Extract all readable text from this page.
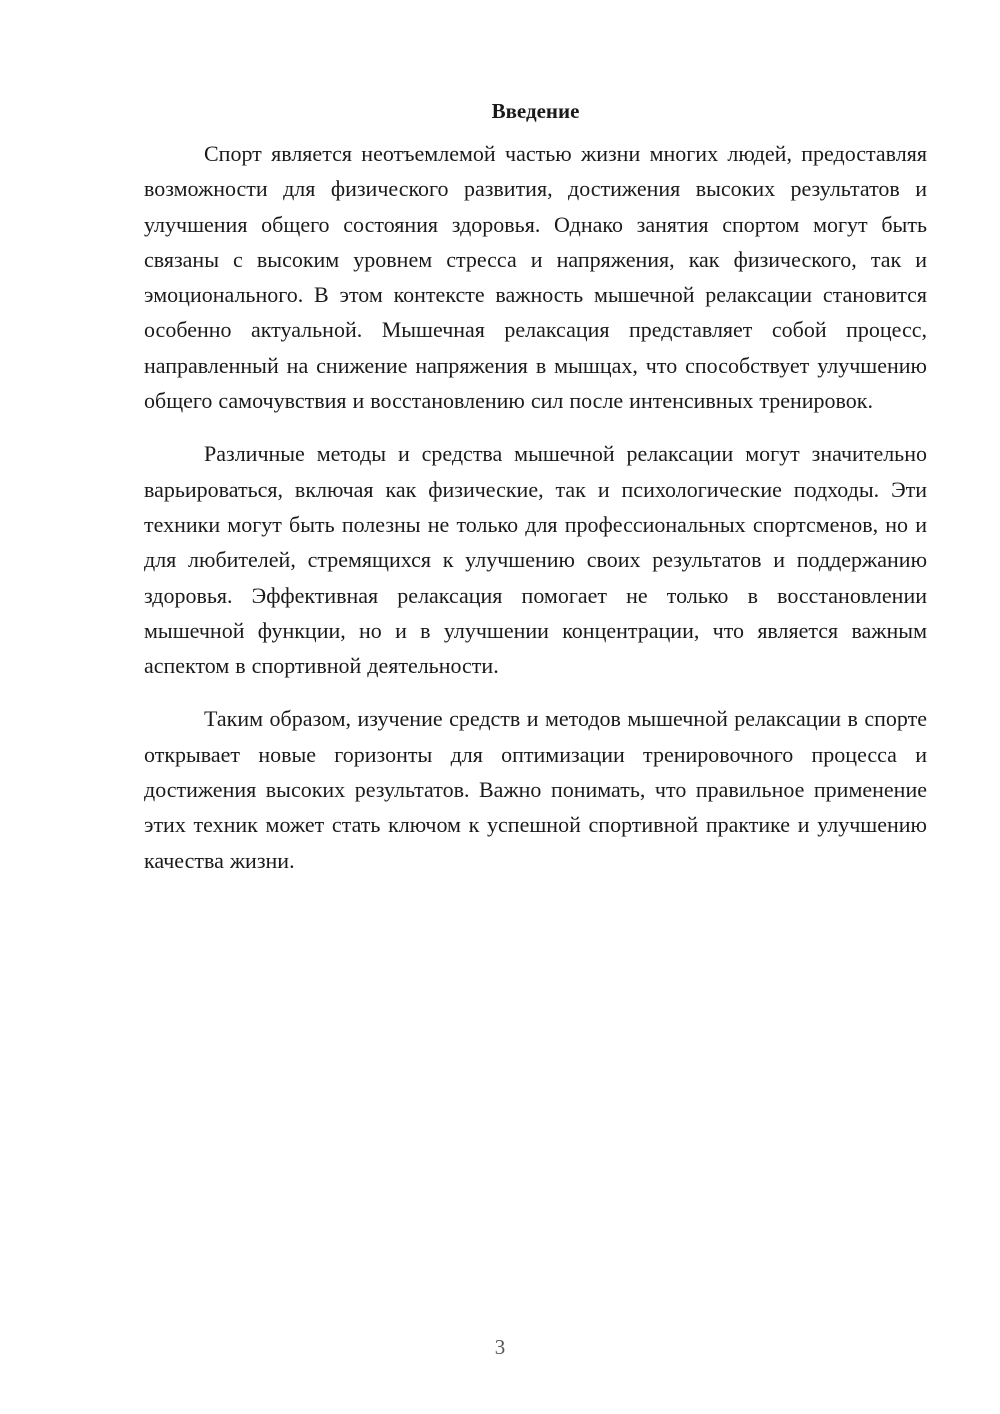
Введение

Спорт является неотъемлемой частью жизни многих людей, предоставляя возможности для физического развития, достижения высоких результатов и улучшения общего состояния здоровья. Однако занятия спортом могут быть связаны с высоким уровнем стресса и напряжения, как физического, так и эмоционального. В этом контексте важность мышечной релаксации становится особенно актуальной. Мышечная релаксация представляет собой процесс, направленный на снижение напряжения в мышцах, что способствует улучшению общего самочувствия и восстановлению сил после интенсивных тренировок.

Различные методы и средства мышечной релаксации могут значительно варьироваться, включая как физические, так и психологические подходы. Эти техники могут быть полезны не только для профессиональных спортсменов, но и для любителей, стремящихся к улучшению своих результатов и поддержанию здоровья. Эффективная релаксация помогает не только в восстановлении мышечной функции, но и в улучшении концентрации, что является важным аспектом в спортивной деятельности.

Таким образом, изучение средств и методов мышечной релаксации в спорте открывает новые горизонты для оптимизации тренировочного процесса и достижения высоких результатов. Важно понимать, что правильное применение этих техник может стать ключом к успешной спортивной практике и улучшению качества жизни.

3
